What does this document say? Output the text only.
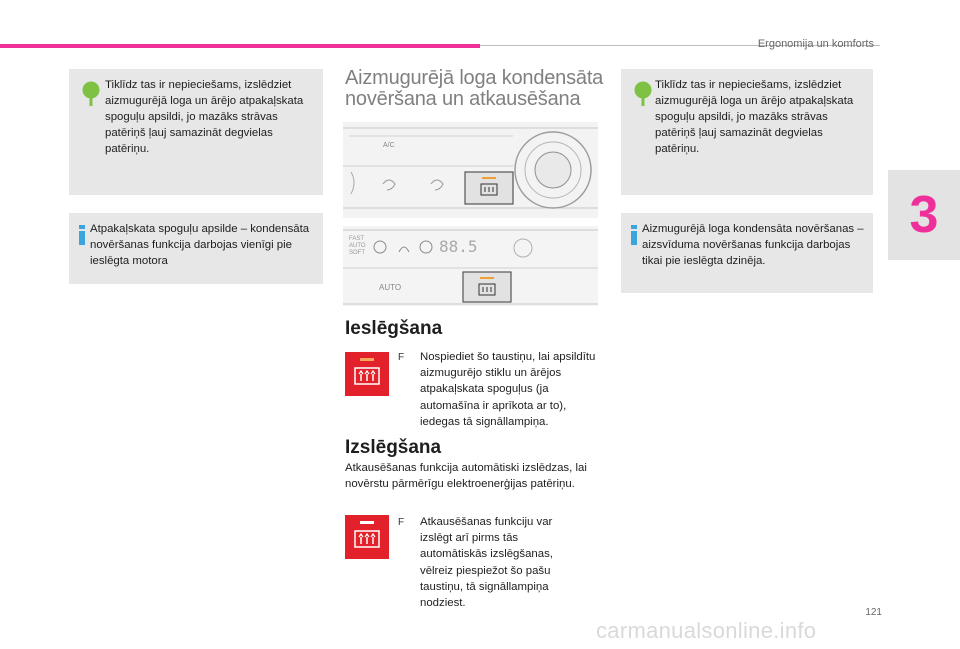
Ergonomija un komforts
3
Tiklīdz tas ir nepieciešams, izslēdziet aizmugurējā loga un ārējo atpakaļskata spoguļu apsildi, jo mazāks strāvas patēriņš ļauj samazināt degvielas patēriņu.
Atpakaļskata spoguļu apsilde – kondensāta novēršanas funkcija darbojas vienīgi pie ieslēgta motora
Aizmugurējā loga kondensāta novēršana un atkausēšana
A/C
FAST
AUTO
SOFT	88.5
AUTO
Ieslēgšana
F Nospiediet šo taustiņu, lai apsildītu aizmugurējo stiklu un ārējos atpakaļskata spoguļus (ja automašīna ir aprīkota ar to), iedegas tā signāllampiņa.
Izslēgšana
Atkausēšanas funkcija automātiski izslēdzas, lai novērstu pārmērīgu elektroenerģijas patēriņu.
F Atkausēšanas funkciju var izslēgt arī pirms tās automātiskās izslēgšanas, vēlreiz piespiežot šo pašu taustiņu, tā signāllampiņa nodziest.
Tiklīdz tas ir nepieciešams, izslēdziet aizmugurējā loga un ārējo atpakaļskata spoguļu apsildi, jo mazāks strāvas patēriņš ļauj samazināt degvielas patēriņu.
Aizmugurējā loga kondensāta novēršanas – aizsvīduma novēršanas funkcija darbojas tikai pie ieslēgta dzinēja.
121
carmanualsonline.info
